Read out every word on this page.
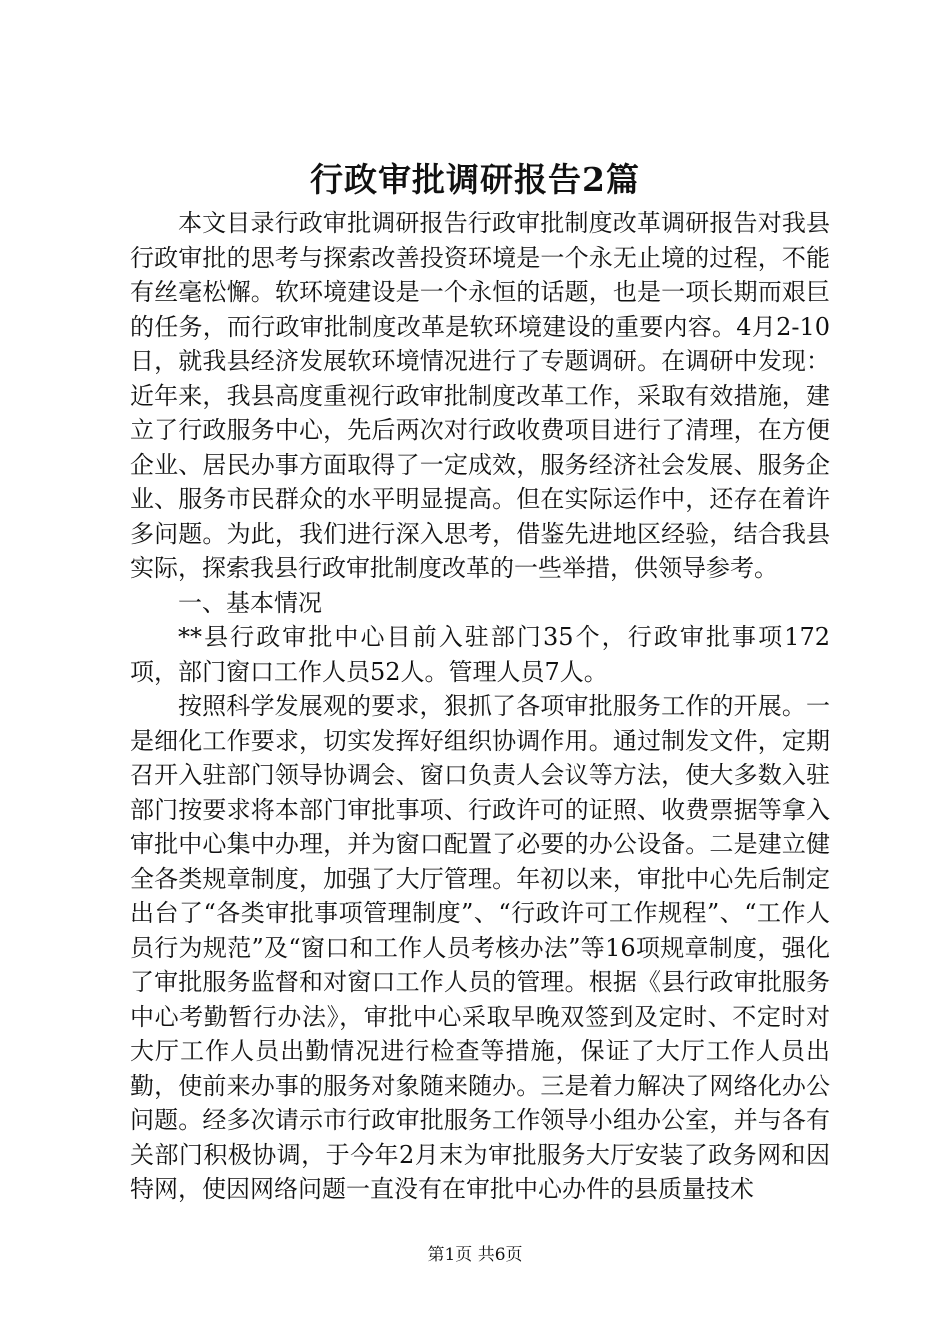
行政审批调研报告2篇

本文目录行政审批调研报告行政审批制度改革调研报告对我县行政审批的思考与探索改善投资环境是一个永无止境的过程，不能有丝毫松懈。软环境建设是一个永恒的话题，也是一项长期而艰巨的任务，而行政审批制度改革是软环境建设的重要内容。4月2-10日，就我县经济发展软环境情况进行了专题调研。在调研中发现：近年来，我县高度重视行政审批制度改革工作，采取有效措施，建立了行政服务中心，先后两次对行政收费项目进行了清理，在方便企业、居民办事方面取得了一定成效，服务经济社会发展、服务企业、服务市民群众的水平明显提高。但在实际运作中，还存在着许多问题。为此，我们进行深入思考，借鉴先进地区经验，结合我县实际，探索我县行政审批制度改革的一些举措，供领导参考。

一、基本情况

**县行政审批中心目前入驻部门35个，行政审批事项172项，部门窗口工作人员52人。管理人员7人。

按照科学发展观的要求，狠抓了各项审批服务工作的开展。一是细化工作要求，切实发挥好组织协调作用。通过制发文件，定期召开入驻部门领导协调会、窗口负责人会议等方法，使大多数入驻部门按要求将本部门审批事项、行政许可的证照、收费票据等拿入审批中心集中办理，并为窗口配置了必要的办公设备。二是建立健全各类规章制度，加强了大厅管理。年初以来，审批中心先后制定出台了“各类审批事项管理制度”、“行政许可工作规程”、“工作人员行为规范”及“窗口和工作人员考核办法”等16项规章制度，强化了审批服务监督和对窗口工作人员的管理。根据《县行政审批服务中心考勤暂行办法》，审批中心采取早晚双签到及定时、不定时对大厅工作人员出勤情况进行检查等措施，保证了大厅工作人员出勤，使前来办事的服务对象随来随办。三是着力解决了网络化办公问题。经多次请示市行政审批服务工作领导小组办公室，并与各有关部门积极协调，于今年2月末为审批服务大厅安装了政务网和因特网，使因网络问题一直没有在审批中心办件的县质量技术

第1页 共6页
